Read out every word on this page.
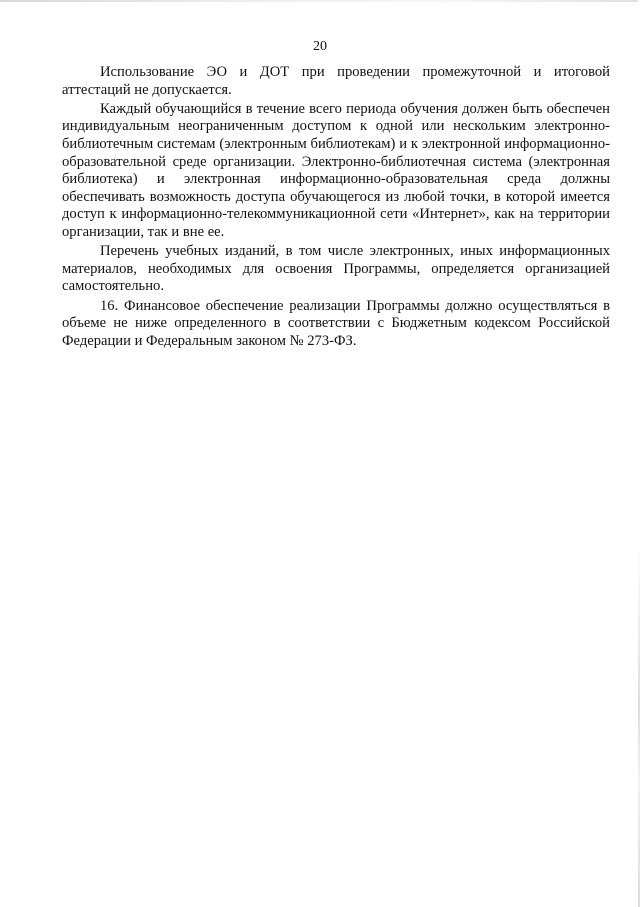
20

Использование ЭО и ДОТ при проведении промежуточной и итоговой аттестаций не допускается.

Каждый обучающийся в течение всего периода обучения должен быть обеспечен индивидуальным неограниченным доступом к одной или нескольким электронно-библиотечным системам (электронным библиотекам) и к электронной информационно-образовательной среде организации. Электронно-библиотечная система (электронная библиотека) и электронная информационно-образовательная среда должны обеспечивать возможность доступа обучающегося из любой точки, в которой имеется доступ к информационно-телекоммуникационной сети «Интернет», как на территории организации, так и вне ее.

Перечень учебных изданий, в том числе электронных, иных информационных материалов, необходимых для освоения Программы, определяется организацией самостоятельно.

16. Финансовое обеспечение реализации Программы должно осуществляться в объеме не ниже определенного в соответствии с Бюджетным кодексом Российской Федерации и Федеральным законом № 273-ФЗ.
